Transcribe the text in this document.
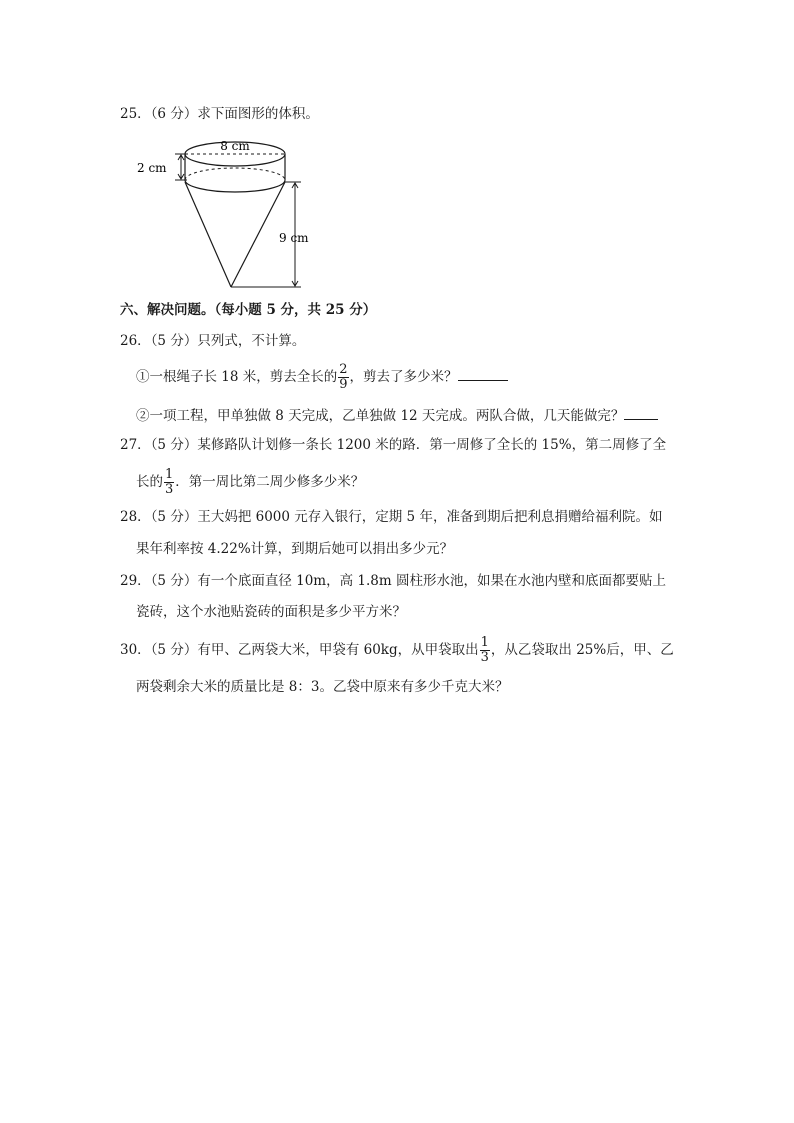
25．（6 分）求下面图形的体积。
8 cm
2 cm
9 cm
六、解决问题。（每小题 5 分，共 25 分）
26．（5 分）只列式，不计算。
①一根绳子长 18 米，剪去全长的 $\frac{2}{9}$ ，剪去了多少米？
②一项工程，甲单独做 8 天完成，乙单独做 12 天完成。两队合做，几天能做完？
27．（5 分）某修路队计划修一条长 1200 米的路．第一周修了全长的 15%，第二周修了全
长的 $\frac{1}{3}$ ．第一周比第二周少修多少米？
28．（5 分）王大妈把 6000 元存入银行，定期 5 年，准备到期后把利息捐赠给福利院。如
果年利率按 4.22%计算，到期后她可以捐出多少元？
29．（5 分）有一个底面直径 10m，高 1.8m 圆柱形水池，如果在水池内壁和底面都要贴上
瓷砖，这个水池贴瓷砖的面积是多少平方米？
30．（5 分）有甲、乙两袋大米，甲袋有 60kg，从甲袋取出 $\frac{1}{3}$ ，从乙袋取出 25%后，甲、乙
两袋剩余大米的质量比是 8：3。乙袋中原来有多少千克大米？
